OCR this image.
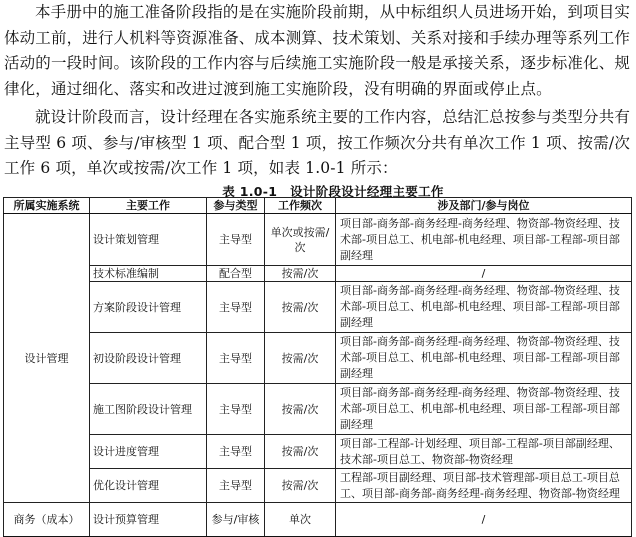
本手册中的施工准备阶段指的是在实施阶段前期，从中标组织人员进场开始，到项目实体动工前，进行人机料等资源准备、成本测算、技术策划、关系对接和手续办理等系列工作活动的一段时间。该阶段的工作内容与后续施工实施阶段一般是承接关系，逐步标准化、规律化，通过细化、落实和改进过渡到施工实施阶段，没有明确的界面或停止点。

就设计阶段而言，设计经理在各实施系统主要的工作内容，总结汇总按参与类型分共有主导型 6 项、参与/审核型 1 项、配合型 1 项，按工作频次分共有单次工作 1 项、按需/次工作 6 项，单次或按需/次工作 1 项，如表 1.0-1 所示：

表 1.0-1　设计阶段设计经理主要工作
所属实施系统	主要工作	参与类型	工作频次	涉及部门/参与岗位
设计管理	设计策划管理	主导型	单次或按需/次	项目部-商务部-商务经理-商务经理、物资部-物资经理、技术部-项目总工、机电部-机电经理、项目部-工程部-项目部副经理
	技术标准编制	配合型	按需/次	/
	方案阶段设计管理	主导型	按需/次	项目部-商务部-商务经理-商务经理、物资部-物资经理、技术部-项目总工、机电部-机电经理、项目部-工程部-项目部副经理
	初设阶段设计管理	主导型	按需/次	项目部-商务部-商务经理-商务经理、物资部-物资经理、技术部-项目总工、机电部-机电经理、项目部-工程部-项目部副经理
	施工图阶段设计管理	主导型	按需/次	项目部-商务部-商务经理-商务经理、物资部-物资经理、技术部-项目总工、机电部-机电经理、项目部-工程部-项目部副经理
	设计进度管理	主导型	按需/次	项目部-工程部-计划经理、项目部-工程部-项目部副经理、技术部-项目总工、物资部-物资经理
	优化设计管理	主导型	按需/次	工程部-项目副经理、项目部-技术管理部-项目总工-项目总工、项目部-商务部-商务经理-商务经理、物资部-物资经理
商务（成本）	设计预算管理	参与/审核	单次	/
